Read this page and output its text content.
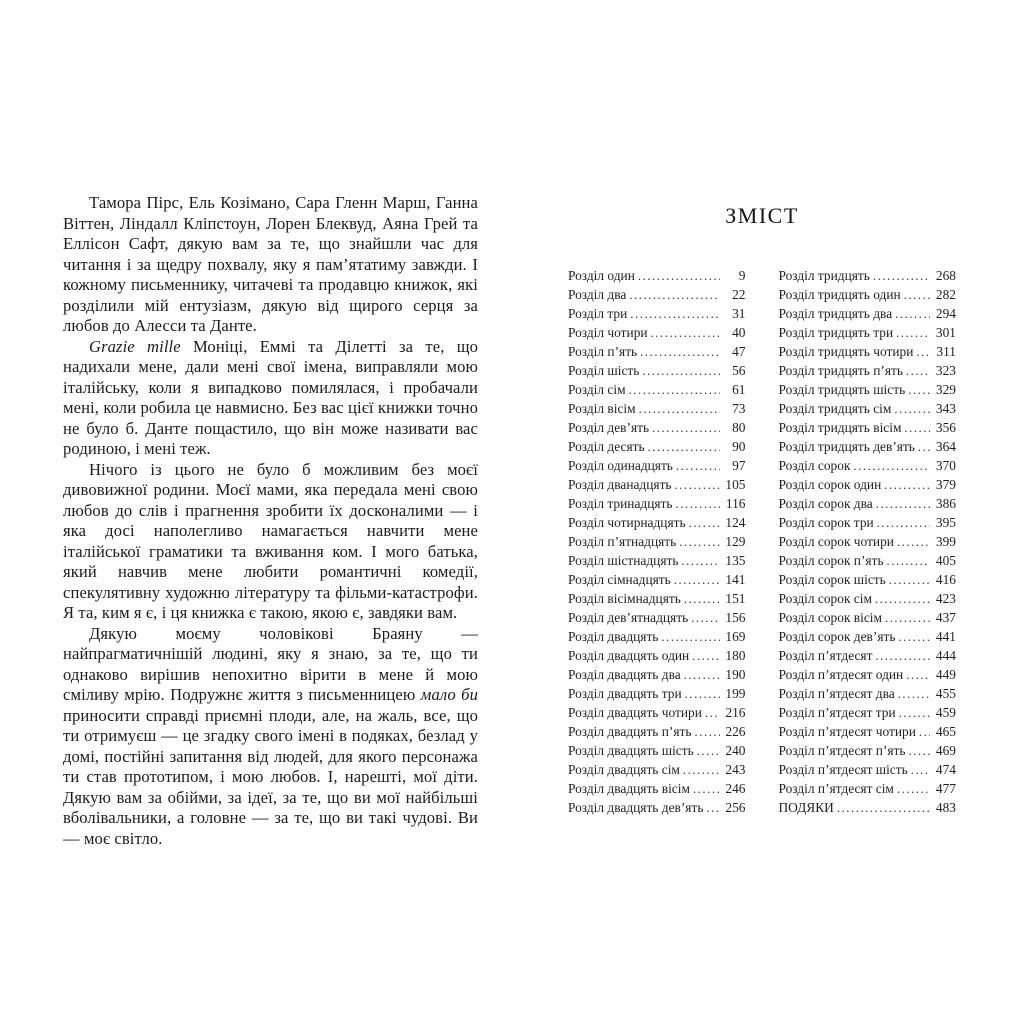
Тамора Пірс, Ель Козімано, Сара Гленн Марш, Ганна Віттен, Ліндалл Кліпстоун, Лорен Блеквуд, Аяна Грей та Еллісон Сафт, дякую вам за те, що знайшли час для читання і за щедру похвалу, яку я пам’ятатиму завжди. І кожному письменнику, читачеві та продавцю книжок, які розділили мій ентузіазм, дякую від щирого серця за любов до Алесси та Данте.

Grazie mille Моніці, Еммі та Ділетті за те, що надихали мене, дали мені свої імена, виправляли мою італійську, коли я випадково помилялася, і пробачали мені, коли робила це навмисно. Без вас цієї книжки точно не було б. Данте пощастило, що він може називати вас родиною, і мені теж.

Нічого із цього не було б можливим без моєї дивовижної родини. Моєї мами, яка передала мені свою любов до слів і прагнення зробити їх досконалими — і яка досі наполегливо намагається навчити мене італійської граматики та вживання ком. І мого батька, який навчив мене любити романтичні комедії, спекулятивну художню літературу та фільми-катастрофи. Я та, ким я є, і ця книжка є такою, якою є, завдяки вам.

Дякую моєму чоловікові Браяну — найпрагматичнішій людині, яку я знаю, за те, що ти однаково вирішив непохитно вірити в мене й мою сміливу мрію. Подружнє життя з письменницею мало би приносити справді приємні плоди, але, на жаль, все, що ти отримуєш — це згадку свого імені в подяках, безлад у домі, постійні запитання від людей, для якого персонажа ти став прототипом, і мою любов. І, нарешті, мої діти. Дякую вам за обійми, за ідеї, за те, що ви мої найбільші вболівальники, а головне — за те, що ви такі чудові. Ви — моє світло.

ЗМІСТ
Розділ один .....	9
Розділ два .....	22
Розділ три .....	31
Розділ чотири .....	40
Розділ п’ять .....	47
Розділ шість .....	56
Розділ сім .....	61
Розділ вісім .....	73
Розділ дев’ять .....	80
Розділ десять .....	90
Розділ одинадцять .....	97
Розділ дванадцять .....	105
Розділ тринадцять .....	116
Розділ чотирнадцять .....	124
Розділ п’ятнадцять .....	129
Розділ шістнадцять .....	135
Розділ сімнадцять .....	141
Розділ вісімнадцять .....	151
Розділ дев’ятнадцять .....	156
Розділ двадцять .....	169
Розділ двадцять один .....	180
Розділ двадцять два .....	190
Розділ двадцять три .....	199
Розділ двадцять чотири ..... 216
Розділ двадцять п’ять .....	226
Розділ двадцять шість ..... 240
Розділ двадцять сім .....	243
Розділ двадцять вісім .....	246
Розділ двадцять дев’ять ..... 256
Розділ тридцять .....	268
Розділ тридцять один .....	282
Розділ тридцять два .....	294
Розділ тридцять три .....	301
Розділ тридцять чотири ..... 311
Розділ тридцять п’ять ..... 323
Розділ тридцять шість ..... 329
Розділ тридцять сім .....	343
Розділ тридцять вісім .....	356
Розділ тридцять дев’ять ..... 364
Розділ сорок .....	370
Розділ сорок один .....	379
Розділ сорок два .....	386
Розділ сорок три .....	395
Розділ сорок чотири .....	399
Розділ сорок п’ять .....	405
Розділ сорок шість .....	416
Розділ сорок сім .....	423
Розділ сорок вісім .....	437
Розділ сорок дев’ять .....	441
Розділ п’ятдесят .....	444
Розділ п’ятдесят один ..... 449
Розділ п’ятдесят два .....	455
Розділ п’ятдесят три .....	459
Розділ п’ятдесят чотири ..... 465
Розділ п’ятдесят п’ять ..... 469
Розділ п’ятдесят шість ..... 474
Розділ п’ятдесят сім .....	477
ПОДЯКИ .....	483
